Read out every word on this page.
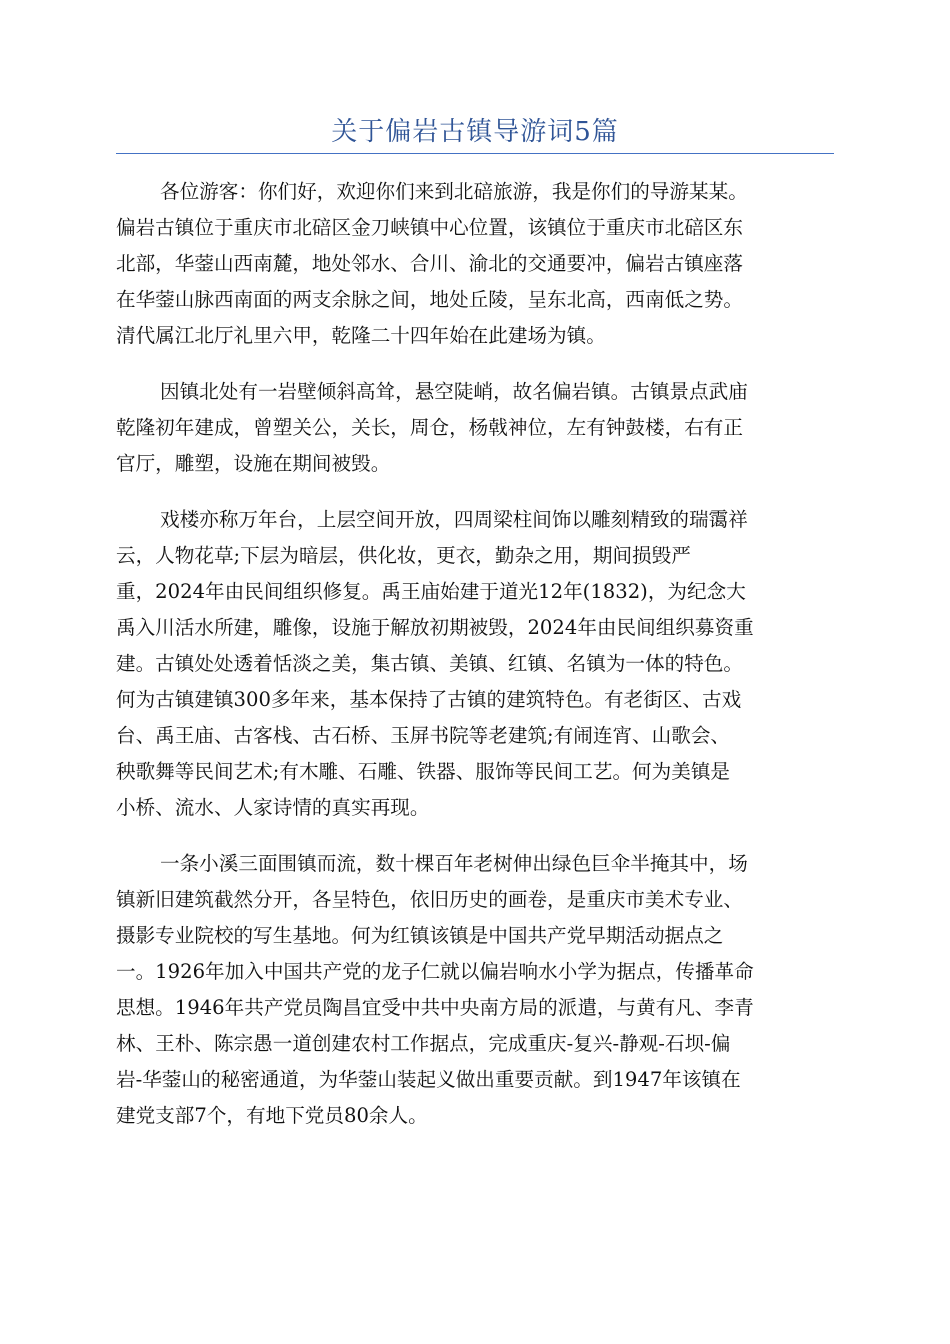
关于偏岩古镇导游词5篇
各位游客：你们好，欢迎你们来到北碚旅游，我是你们的导游某某。
偏岩古镇位于重庆市北碚区金刀峡镇中心位置，该镇位于重庆市北碚区东
北部，华蓥山西南麓，地处邻水、合川、渝北的交通要冲，偏岩古镇座落
在华蓥山脉西南面的两支余脉之间，地处丘陵，呈东北高，西南低之势。
清代属江北厅礼里六甲，乾隆二十四年始在此建场为镇。
因镇北处有一岩壁倾斜高耸，悬空陡峭，故名偏岩镇。古镇景点武庙
乾隆初年建成，曾塑关公，关长，周仓，杨戟神位，左有钟鼓楼，右有正
官厅，雕塑，设施在期间被毁。
戏楼亦称万年台，上层空间开放，四周梁柱间饰以雕刻精致的瑞霭祥
云，人物花草;下层为暗层，供化妆，更衣，勤杂之用，期间损毁严
重，2024年由民间组织修复。禹王庙始建于道光12年(1832)，为纪念大
禹入川活水所建，雕像，设施于解放初期被毁，2024年由民间组织募资重
建。古镇处处透着恬淡之美，集古镇、美镇、红镇、名镇为一体的特色。
何为古镇建镇300多年来，基本保持了古镇的建筑特色。有老街区、古戏
台、禹王庙、古客栈、古石桥、玉屏书院等老建筑;有闹连宵、山歌会、
秧歌舞等民间艺术;有木雕、石雕、铁器、服饰等民间工艺。何为美镇是
小桥、流水、人家诗情的真实再现。
一条小溪三面围镇而流，数十棵百年老树伸出绿色巨伞半掩其中，场
镇新旧建筑截然分开，各呈特色，依旧历史的画卷，是重庆市美术专业、
摄影专业院校的写生基地。何为红镇该镇是中国共产党早期活动据点之
一。1926年加入中国共产党的龙子仁就以偏岩响水小学为据点，传播革命
思想。1946年共产党员陶昌宜受中共中央南方局的派遣，与黄有凡、李青
林、王朴、陈宗愚一道创建农村工作据点，完成重庆-复兴-静观-石坝-偏
岩-华蓥山的秘密通道，为华蓥山装起义做出重要贡献。到1947年该镇在
建党支部7个，有地下党员80余人。
